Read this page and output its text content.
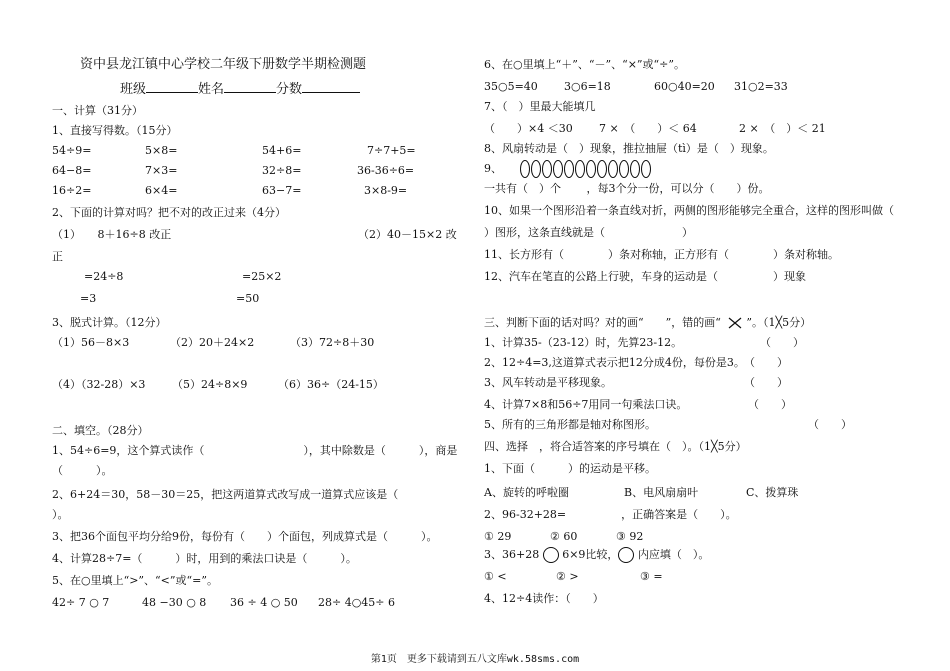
资中县龙江镇中心学校二年级下册数学半期检测题
班级	姓名	分数
一、计算（31分）
1、直接写得数。（15分）
54÷9=	5×8=	54+6=	7÷7+5=
64−8=	7×3=	32÷8=	36-36÷6=
16÷2=	6×4=	63−7=	3×8-9=
2、下面的计算对吗？把不对的改正过来（4分）
（1）　　8＋16÷8 改正	（2）40－15×2 改
正
=24÷8	=25×2
=3	=50
3、脱式计算。（12分）
（1）56－8×3	（2）20＋24×2	（3）72÷8＋30
（4）（32-28）×3 （5）24÷8×9	（6）36÷（24-15）
二、填空。（28分）
1、54÷6=9，这个算式读作（　　　　　　　　　），其中除数是（　　　），商是
（　　　）。
2、6+24＝30，58－30＝25，把这两道算式改写成一道算式应该是（
）。
3、把36个面包平均分给9份，每份有（　　）个面包，列成算式是（　　　）。
4、计算28÷7=（　　　）时，用到的乘法口诀是（　　　）。
5、在○里填上“>”、“<”或“=”。
42÷ 7 ○ 7	48 −30 ○ 8 36 ÷ 4 ○ 50 28÷ 4○45÷ 6
6、在○里填上“＋”、“－”、“×”或“÷”。
35○5=40 3○6=18	60○40=20 31○2=33
7、（　）里最大能填几
（　　）×4 ＜30 7 ×　（　　）＜ 64	2 ×　（　）＜ 21
8、风扇转动是（　）现象，推拉抽屉（tì）是（　）现象。
9、
一共有（　）个　　 ，每3个分一份，可以分（　　）份。
10、如果一个图形沿着一条直线对折，两侧的图形能够完全重合，这样的图形叫做（
）图形，这条直线就是（　　　　　　　）
11、长方形有（　　　　）条对称轴，正方形有（　　　　）条对称轴。
12、汽车在笔直的公路上行驶，车身的运动是（　　　　　）现象
三、判断下面的话对吗？对的画“　　”，错的画“ ”。（1╳5分）
1、计算35-（23-12）时，先算23-12。	（　　）
2、12÷4=3,这道算式表示把12分成4份，每份是3。 （　　）
3、风车转动是平移现象。	（　　）
4、计算7×8和56÷7用同一句乘法口诀。	（　　）
5、所有的三角形都是轴对称图形。	（　　）
四、选择　，将合适答案的序号填在（　）。（1╳5分）
1、下面（　　　）的运动是平移。
A、旋转的呼啦圈	B、电风扇扇叶	C、拨算珠
2、96-32+28=　　　　　，正确答案是（　　）。
① 29	② 60	③ 92
3、36+28 6×9比较， 内应填（　）。
① <	② >	③ =
4、12÷4读作：（　　）
第1页　更多下载请到五八文库wk.58sms.com
